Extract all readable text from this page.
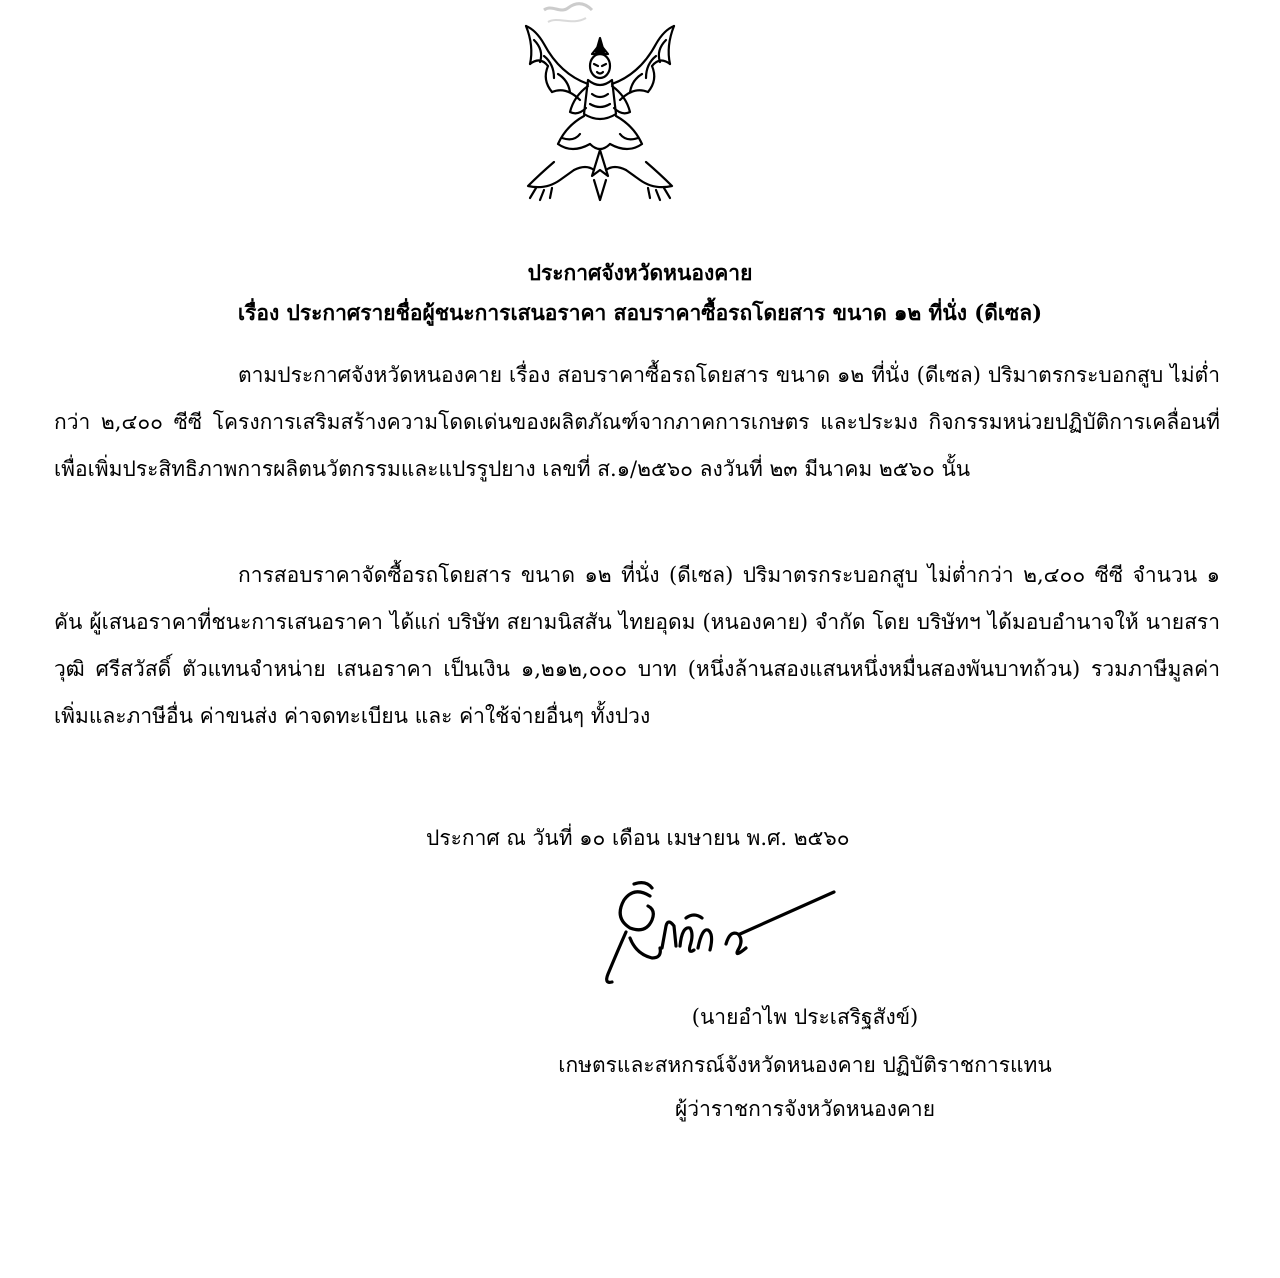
ประกาศจังหวัดหนองคาย
เรื่อง ประกาศรายชื่อผู้ชนะการเสนอราคา สอบราคาซื้อรถโดยสาร ขนาด ๑๒ ที่นั่ง (ดีเซล)
ตามประกาศจังหวัดหนองคาย เรื่อง สอบราคาซื้อรถโดยสาร ขนาด ๑๒ ที่นั่ง (ดีเซล) ปริมาตรกระบอกสูบ ไม่ต่ำกว่า ๒,๔๐๐ ซีซี โครงการเสริมสร้างความโดดเด่นของผลิตภัณฑ์จากภาคการเกษตร และประมง กิจกรรมหน่วยปฏิบัติการเคลื่อนที่เพื่อเพิ่มประสิทธิภาพการผลิตนวัตกรรมและแปรรูปยาง เลขที่ ส.๑/๒๕๖๐ ลงวันที่ ๒๓ มีนาคม ๒๕๖๐ นั้น
การสอบราคาจัดซื้อรถโดยสาร ขนาด ๑๒ ที่นั่ง (ดีเซล) ปริมาตรกระบอกสูบ ไม่ต่ำกว่า ๒,๔๐๐ ซีซี จำนวน ๑ คัน ผู้เสนอราคาที่ชนะการเสนอราคา ได้แก่ บริษัท สยามนิสสัน ไทยอุดม (หนองคาย) จำกัด โดย บริษัทฯ ได้มอบอำนาจให้ นายสราวุฒิ ศรีสวัสดิ์ ตัวแทนจำหน่าย เสนอราคา เป็นเงิน ๑,๒๑๒,๐๐๐ บาท (หนึ่งล้านสองแสนหนึ่งหมื่นสองพันบาทถ้วน) รวมภาษีมูลค่าเพิ่มและภาษีอื่น ค่าขนส่ง ค่าจดทะเบียน และ ค่าใช้จ่ายอื่นๆ ทั้งปวง
ประกาศ ณ วันที่ ๑๐ เดือน เมษายน พ.ศ. ๒๕๖๐
(นายอำไพ ประเสริฐสังข์)
เกษตรและสหกรณ์จังหวัดหนองคาย ปฏิบัติราชการแทน
ผู้ว่าราชการจังหวัดหนองคาย
